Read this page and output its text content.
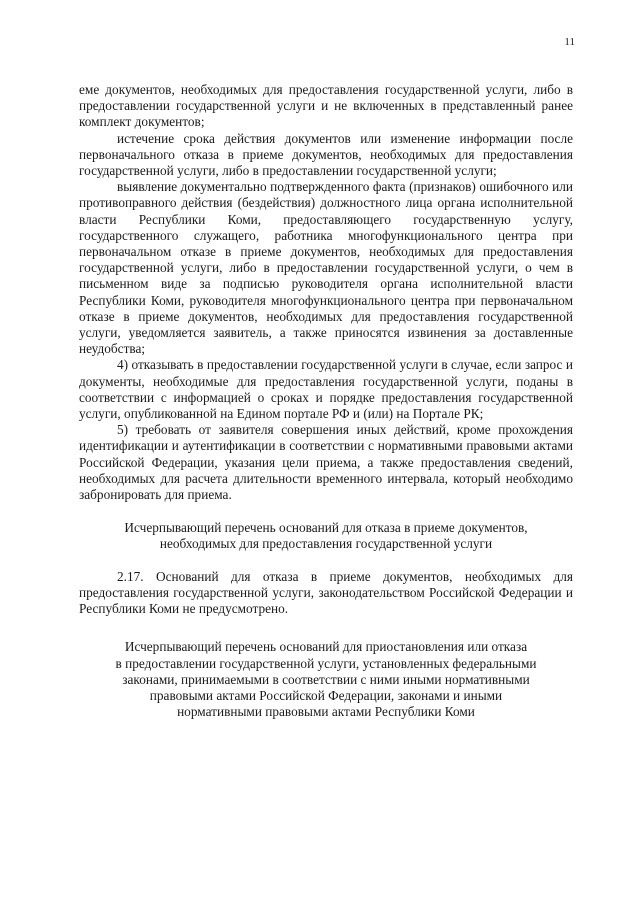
11

еме документов, необходимых для предоставления государственной услуги, либо в предоставлении государственной услуги и не включенных в представленный ранее комплект документов;

истечение срока действия документов или изменение информации после первоначального отказа в приеме документов, необходимых для предоставления государственной услуги, либо в предоставлении государственной услуги;

выявление документально подтвержденного факта (признаков) ошибочного или противоправного действия (бездействия) должностного лица органа исполнительной власти Республики Коми, предоставляющего государственную услугу, государственного служащего, работника многофункционального центра при первоначальном отказе в приеме документов, необходимых для предоставления государственной услуги, либо в предоставлении государственной услуги, о чем в письменном виде за подписью руководителя органа исполнительной власти Республики Коми, руководителя многофункционального центра при первоначальном отказе в приеме документов, необходимых для предоставления государственной услуги, уведомляется заявитель, а также приносятся извинения за доставленные неудобства;

4) отказывать в предоставлении государственной услуги в случае, если запрос и документы, необходимые для предоставления государственной услуги, поданы в соответствии с информацией о сроках и порядке предоставления государственной услуги, опубликованной на Едином портале РФ и (или) на Портале РК;

5) требовать от заявителя совершения иных действий, кроме прохождения идентификации и аутентификации в соответствии с нормативными правовыми актами Российской Федерации, указания цели приема, а также предоставления сведений, необходимых для расчета длительности временного интервала, который необходимо забронировать для приема.

Исчерпывающий перечень оснований для отказа в приеме документов,
необходимых для предоставления государственной услуги

2.17. Оснований для отказа в приеме документов, необходимых для предоставления государственной услуги, законодательством Российской Федерации и Республики Коми не предусмотрено.

Исчерпывающий перечень оснований для приостановления или отказа
в предоставлении государственной услуги, установленных федеральными
законами, принимаемыми в соответствии с ними иными нормативными
правовыми актами Российской Федерации, законами и иными
нормативными правовыми актами Республики Коми
